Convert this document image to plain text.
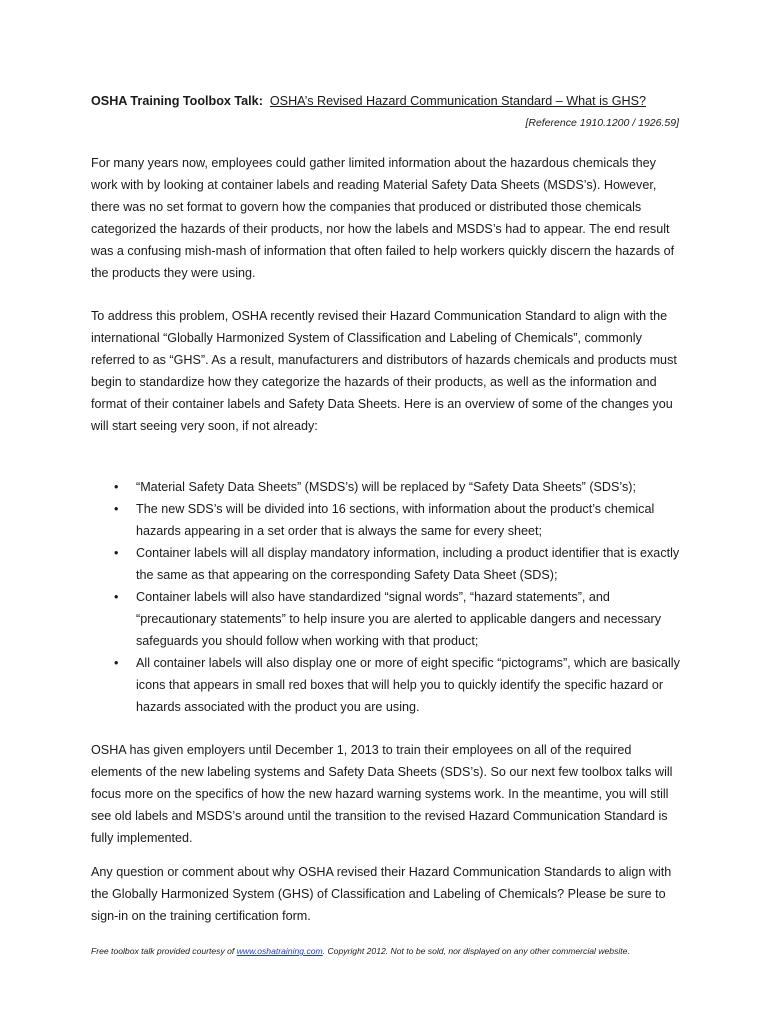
OSHA Training Toolbox Talk: OSHA’s Revised Hazard Communication Standard – What is GHS?
[Reference 1910.1200 / 1926.59]

For many years now, employees could gather limited information about the hazardous chemicals they work with by looking at container labels and reading Material Safety Data Sheets (MSDS’s). However, there was no set format to govern how the companies that produced or distributed those chemicals categorized the hazards of their products, nor how the labels and MSDS’s had to appear. The end result was a confusing mish-mash of information that often failed to help workers quickly discern the hazards of the products they were using.

To address this problem, OSHA recently revised their Hazard Communication Standard to align with the international “Globally Harmonized System of Classification and Labeling of Chemicals”, commonly referred to as “GHS”. As a result, manufacturers and distributors of hazards chemicals and products must begin to standardize how they categorize the hazards of their products, as well as the information and format of their container labels and Safety Data Sheets. Here is an overview of some of the changes you will start seeing very soon, if not already:

• “Material Safety Data Sheets” (MSDS’s) will be replaced by “Safety Data Sheets” (SDS’s);
• The new SDS’s will be divided into 16 sections, with information about the product’s chemical hazards appearing in a set order that is always the same for every sheet;
• Container labels will all display mandatory information, including a product identifier that is exactly the same as that appearing on the corresponding Safety Data Sheet (SDS);
• Container labels will also have standardized “signal words”, “hazard statements”, and “precautionary statements” to help insure you are alerted to applicable dangers and necessary safeguards you should follow when working with that product;
• All container labels will also display one or more of eight specific “pictograms”, which are basically icons that appears in small red boxes that will help you to quickly identify the specific hazard or hazards associated with the product you are using.

OSHA has given employers until December 1, 2013 to train their employees on all of the required elements of the new labeling systems and Safety Data Sheets (SDS’s). So our next few toolbox talks will focus more on the specifics of how the new hazard warning systems work. In the meantime, you will still see old labels and MSDS’s around until the transition to the revised Hazard Communication Standard is fully implemented.

Any question or comment about why OSHA revised their Hazard Communication Standards to align with the Globally Harmonized System (GHS) of Classification and Labeling of Chemicals? Please be sure to sign-in on the training certification form.

Free toolbox talk provided courtesy of www.oshatraining.com. Copyright 2012. Not to be sold, nor displayed on any other commercial website.
